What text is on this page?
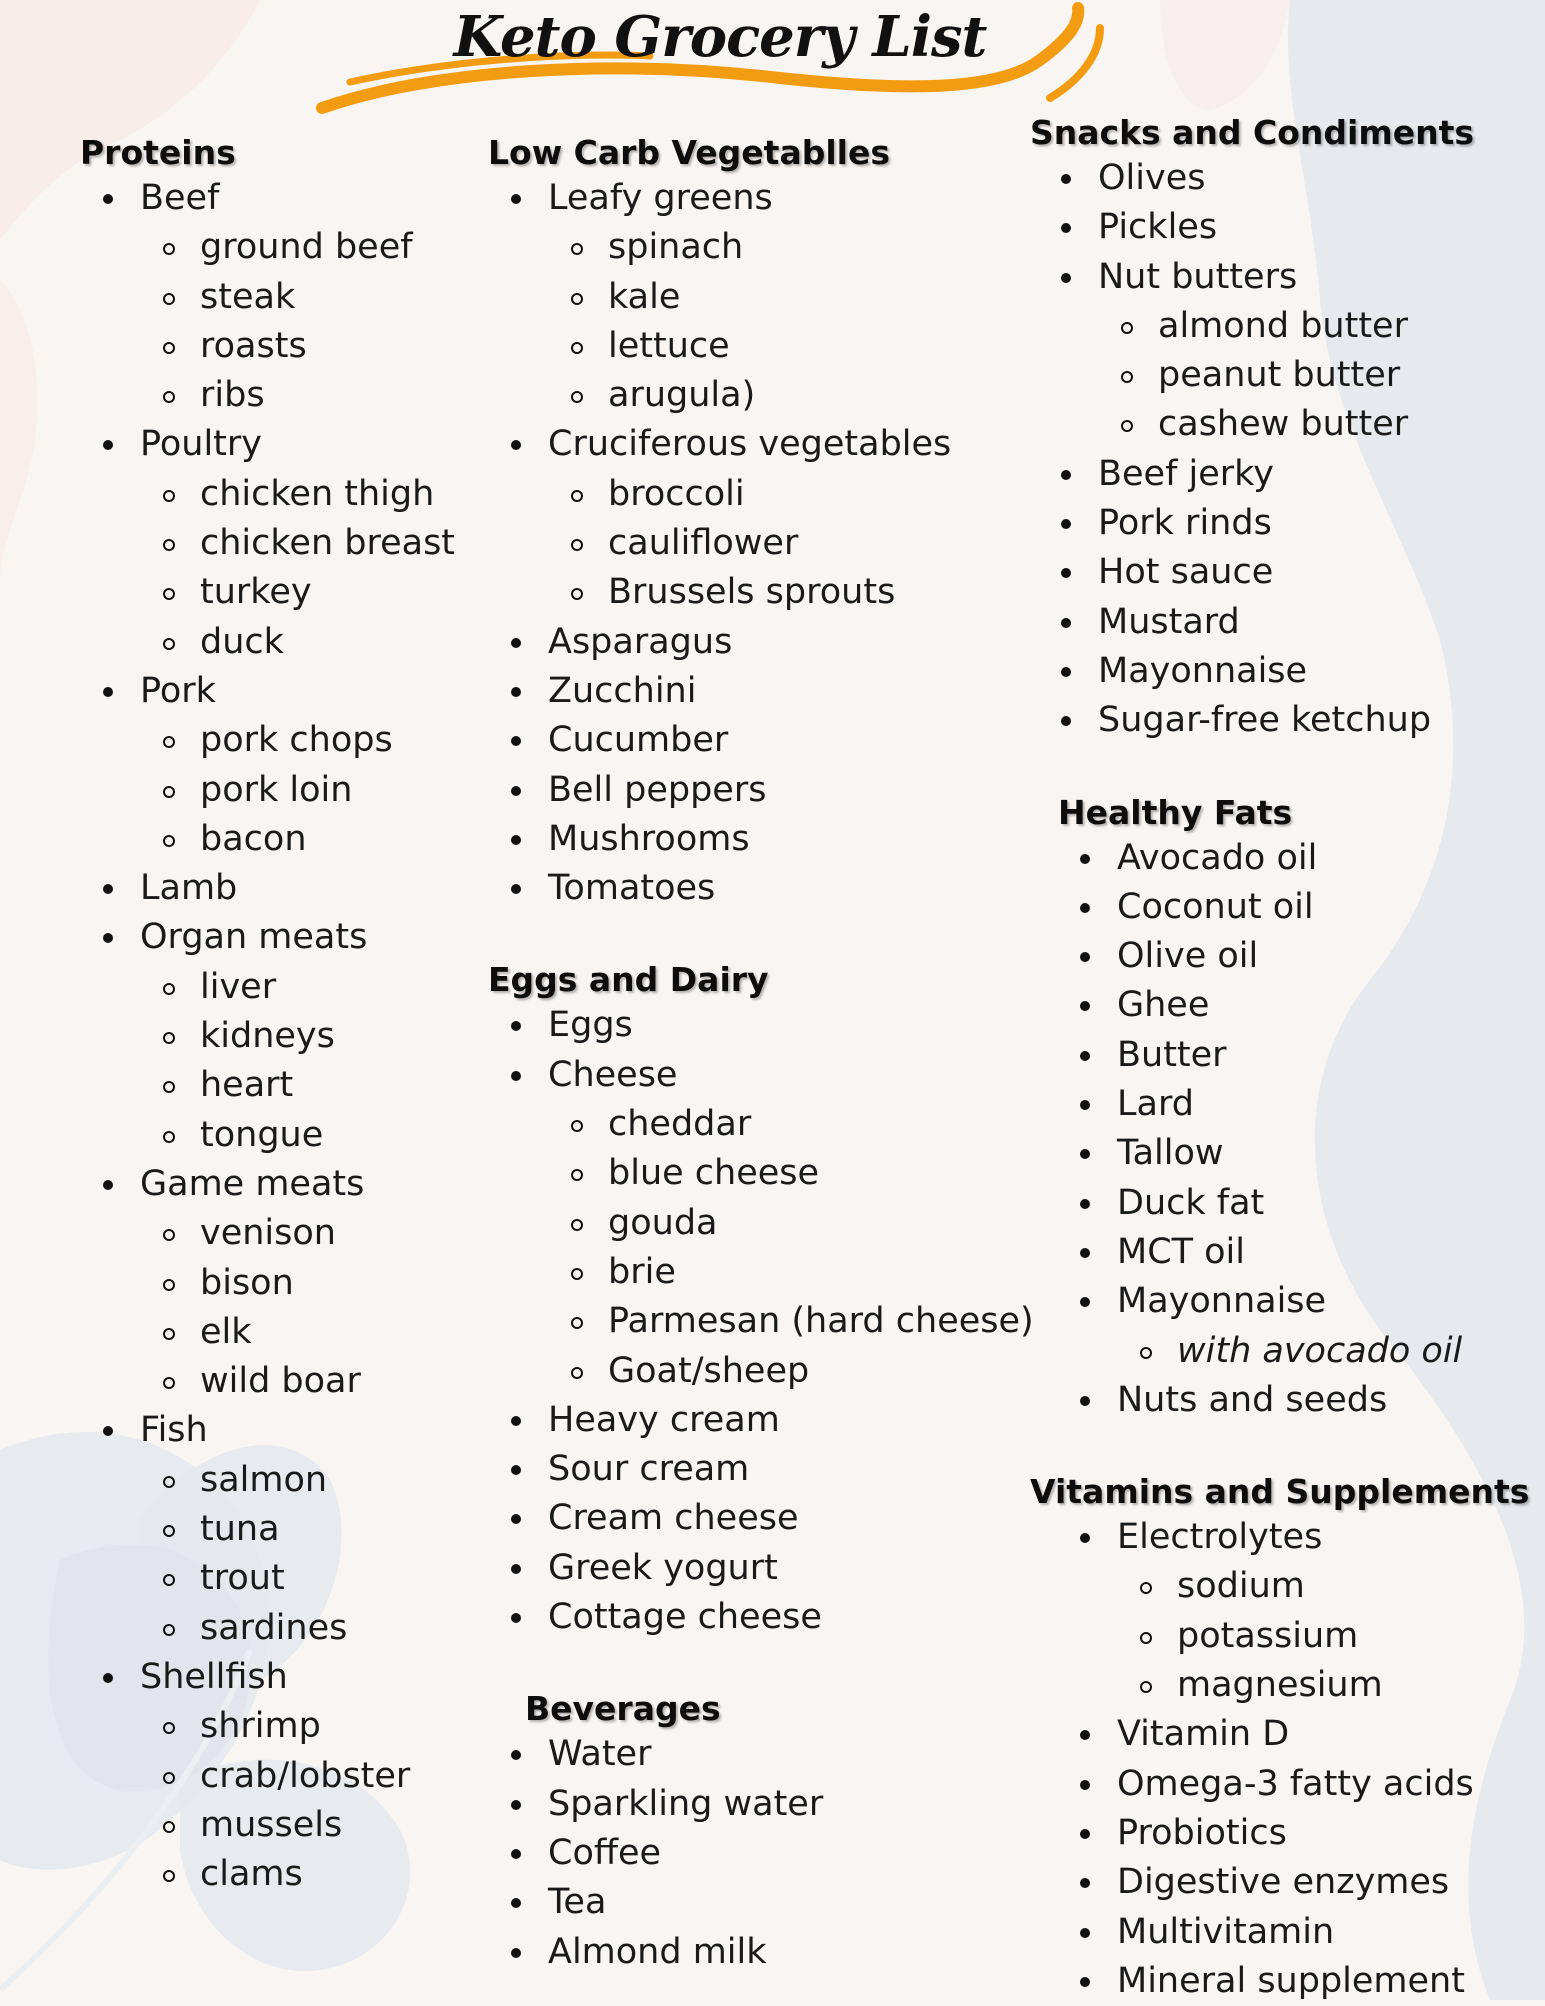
Keto Grocery List
Proteins
Beef
ground beef
steak
roasts
ribs
Poultry
chicken thigh
chicken breast
turkey
duck
Pork
pork chops
pork loin
bacon
Lamb
Organ meats
liver
kidneys
heart
tongue
Game meats
venison
bison
elk
wild boar
Fish
salmon
tuna
trout
sardines
Shellfish
shrimp
crab/lobster
mussels
clams
Low Carb Vegetablles
Leafy greens
spinach
kale
lettuce
arugula)
Cruciferous vegetables
broccoli
cauliflower
Brussels sprouts
Asparagus
Zucchini
Cucumber
Bell peppers
Mushrooms
Tomatoes
Eggs and Dairy
Eggs
Cheese
cheddar
blue cheese
gouda
brie
Parmesan (hard cheese)
Goat/sheep
Heavy cream
Sour cream
Cream cheese
Greek yogurt
Cottage cheese
Beverages
Water
Sparkling water
Coffee
Tea
Almond milk
Snacks and Condiments
Olives
Pickles
Nut butters
almond butter
peanut butter
cashew butter
Beef jerky
Pork rinds
Hot sauce
Mustard
Mayonnaise
Sugar-free ketchup
Healthy Fats
Avocado oil
Coconut oil
Olive oil
Ghee
Butter
Lard
Tallow
Duck fat
MCT oil
Mayonnaise
with avocado oil
Nuts and seeds
Vitamins and Supplements
Electrolytes
sodium
potassium
magnesium
Vitamin D
Omega-3 fatty acids
Probiotics
Digestive enzymes
Multivitamin
Mineral supplement
